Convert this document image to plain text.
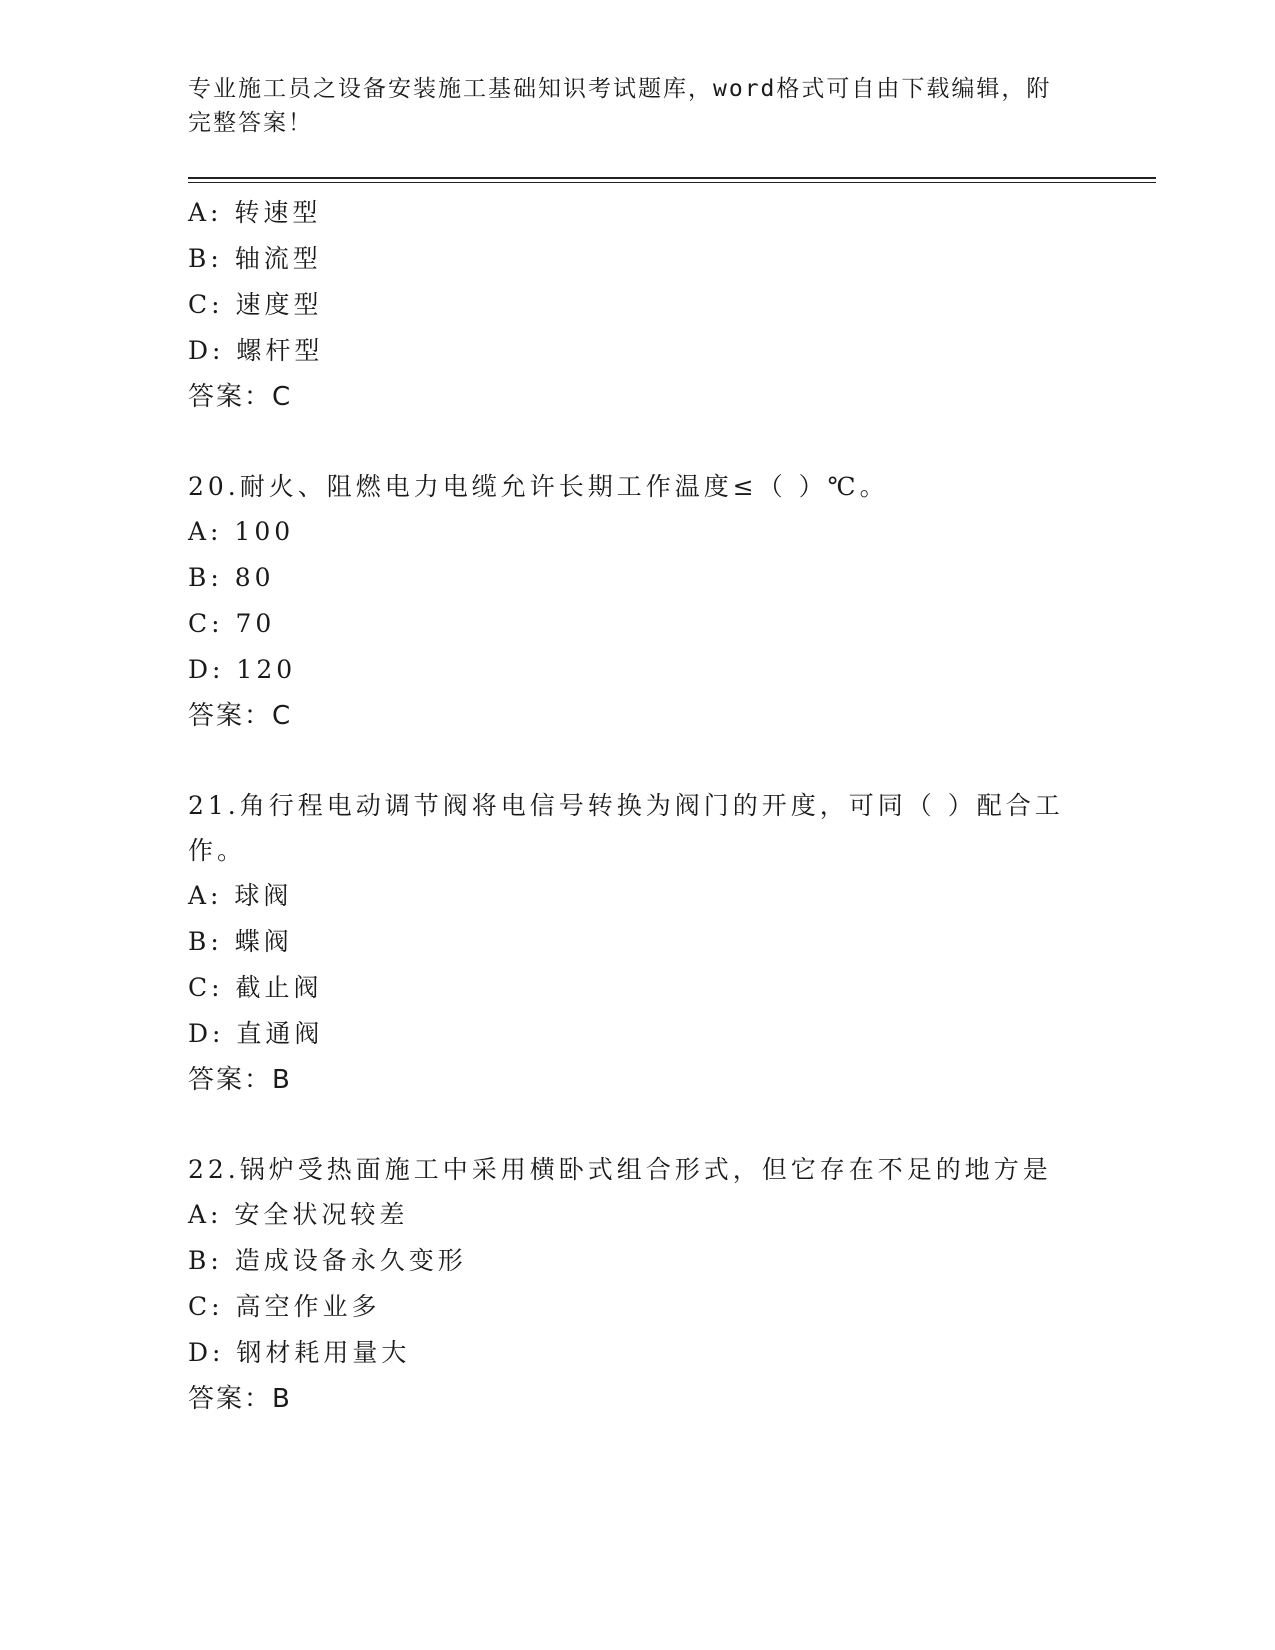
专业施工员之设备安装施工基础知识考试题库，word格式可自由下载编辑，附完整答案！
A: 转速型
B: 轴流型
C: 速度型
D: 螺杆型
答案：C
20.耐火、阻燃电力电缆允许长期工作温度≤（ ）℃。
A: 100
B: 80
C: 70
D: 120
答案：C
21.角行程电动调节阀将电信号转换为阀门的开度，可同（ ）配合工作。
A: 球阀
B: 蝶阀
C: 截止阀
D: 直通阀
答案：B
22.锅炉受热面施工中采用横卧式组合形式，但它存在不足的地方是
A: 安全状况较差
B: 造成设备永久变形
C: 高空作业多
D: 钢材耗用量大
答案：B
